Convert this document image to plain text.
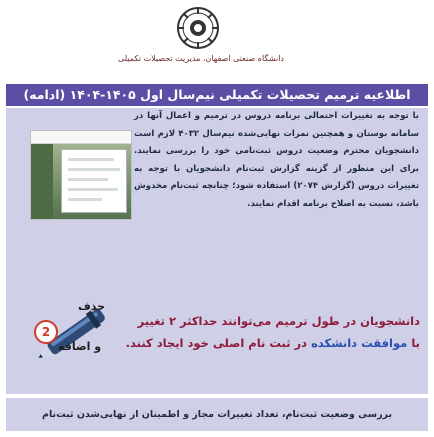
دانشگاه صنعتی اصفهان، مدیریت تحصیلات تکمیلی
اطلاعیه ترمیم تحصیلات تکمیلی نیم‌سال اول ۱۴۰۵-۱۴۰۴ (ادامه)
با توجه به تغییرات احتمالی برنامه دروس در ترمیم و اعمال آنها در سامانه بوستان و همچنین نمرات نهایی‌شده نیم‌سال ۴۰۳۲ لازم است دانشجویان محترم وضعیت دروس ثبت‌نامی خود را بررسی نمایند. برای این منظور از گزینه گزارش ثبت‌نام دانشجویان با توجه به تغییرات دروس (گزارش ۲۰۷۴) استفاده شود؛ چنانچه ثبت‌نام مخدوش باشد، نسبت به اصلاح برنامه اقدام نمایند.
2
حذف
و اضافه
دانشجویان در طول ترمیم می‌توانند حداکثر ۲ تغییر
با موافقت دانشکده در ثبت نام اصلی خود ایجاد کنند.
بررسی وضعیت ثبت‌نام، تعداد تغییرات مجاز و اطمینان از نهایی‌شدن ثبت‌نام
